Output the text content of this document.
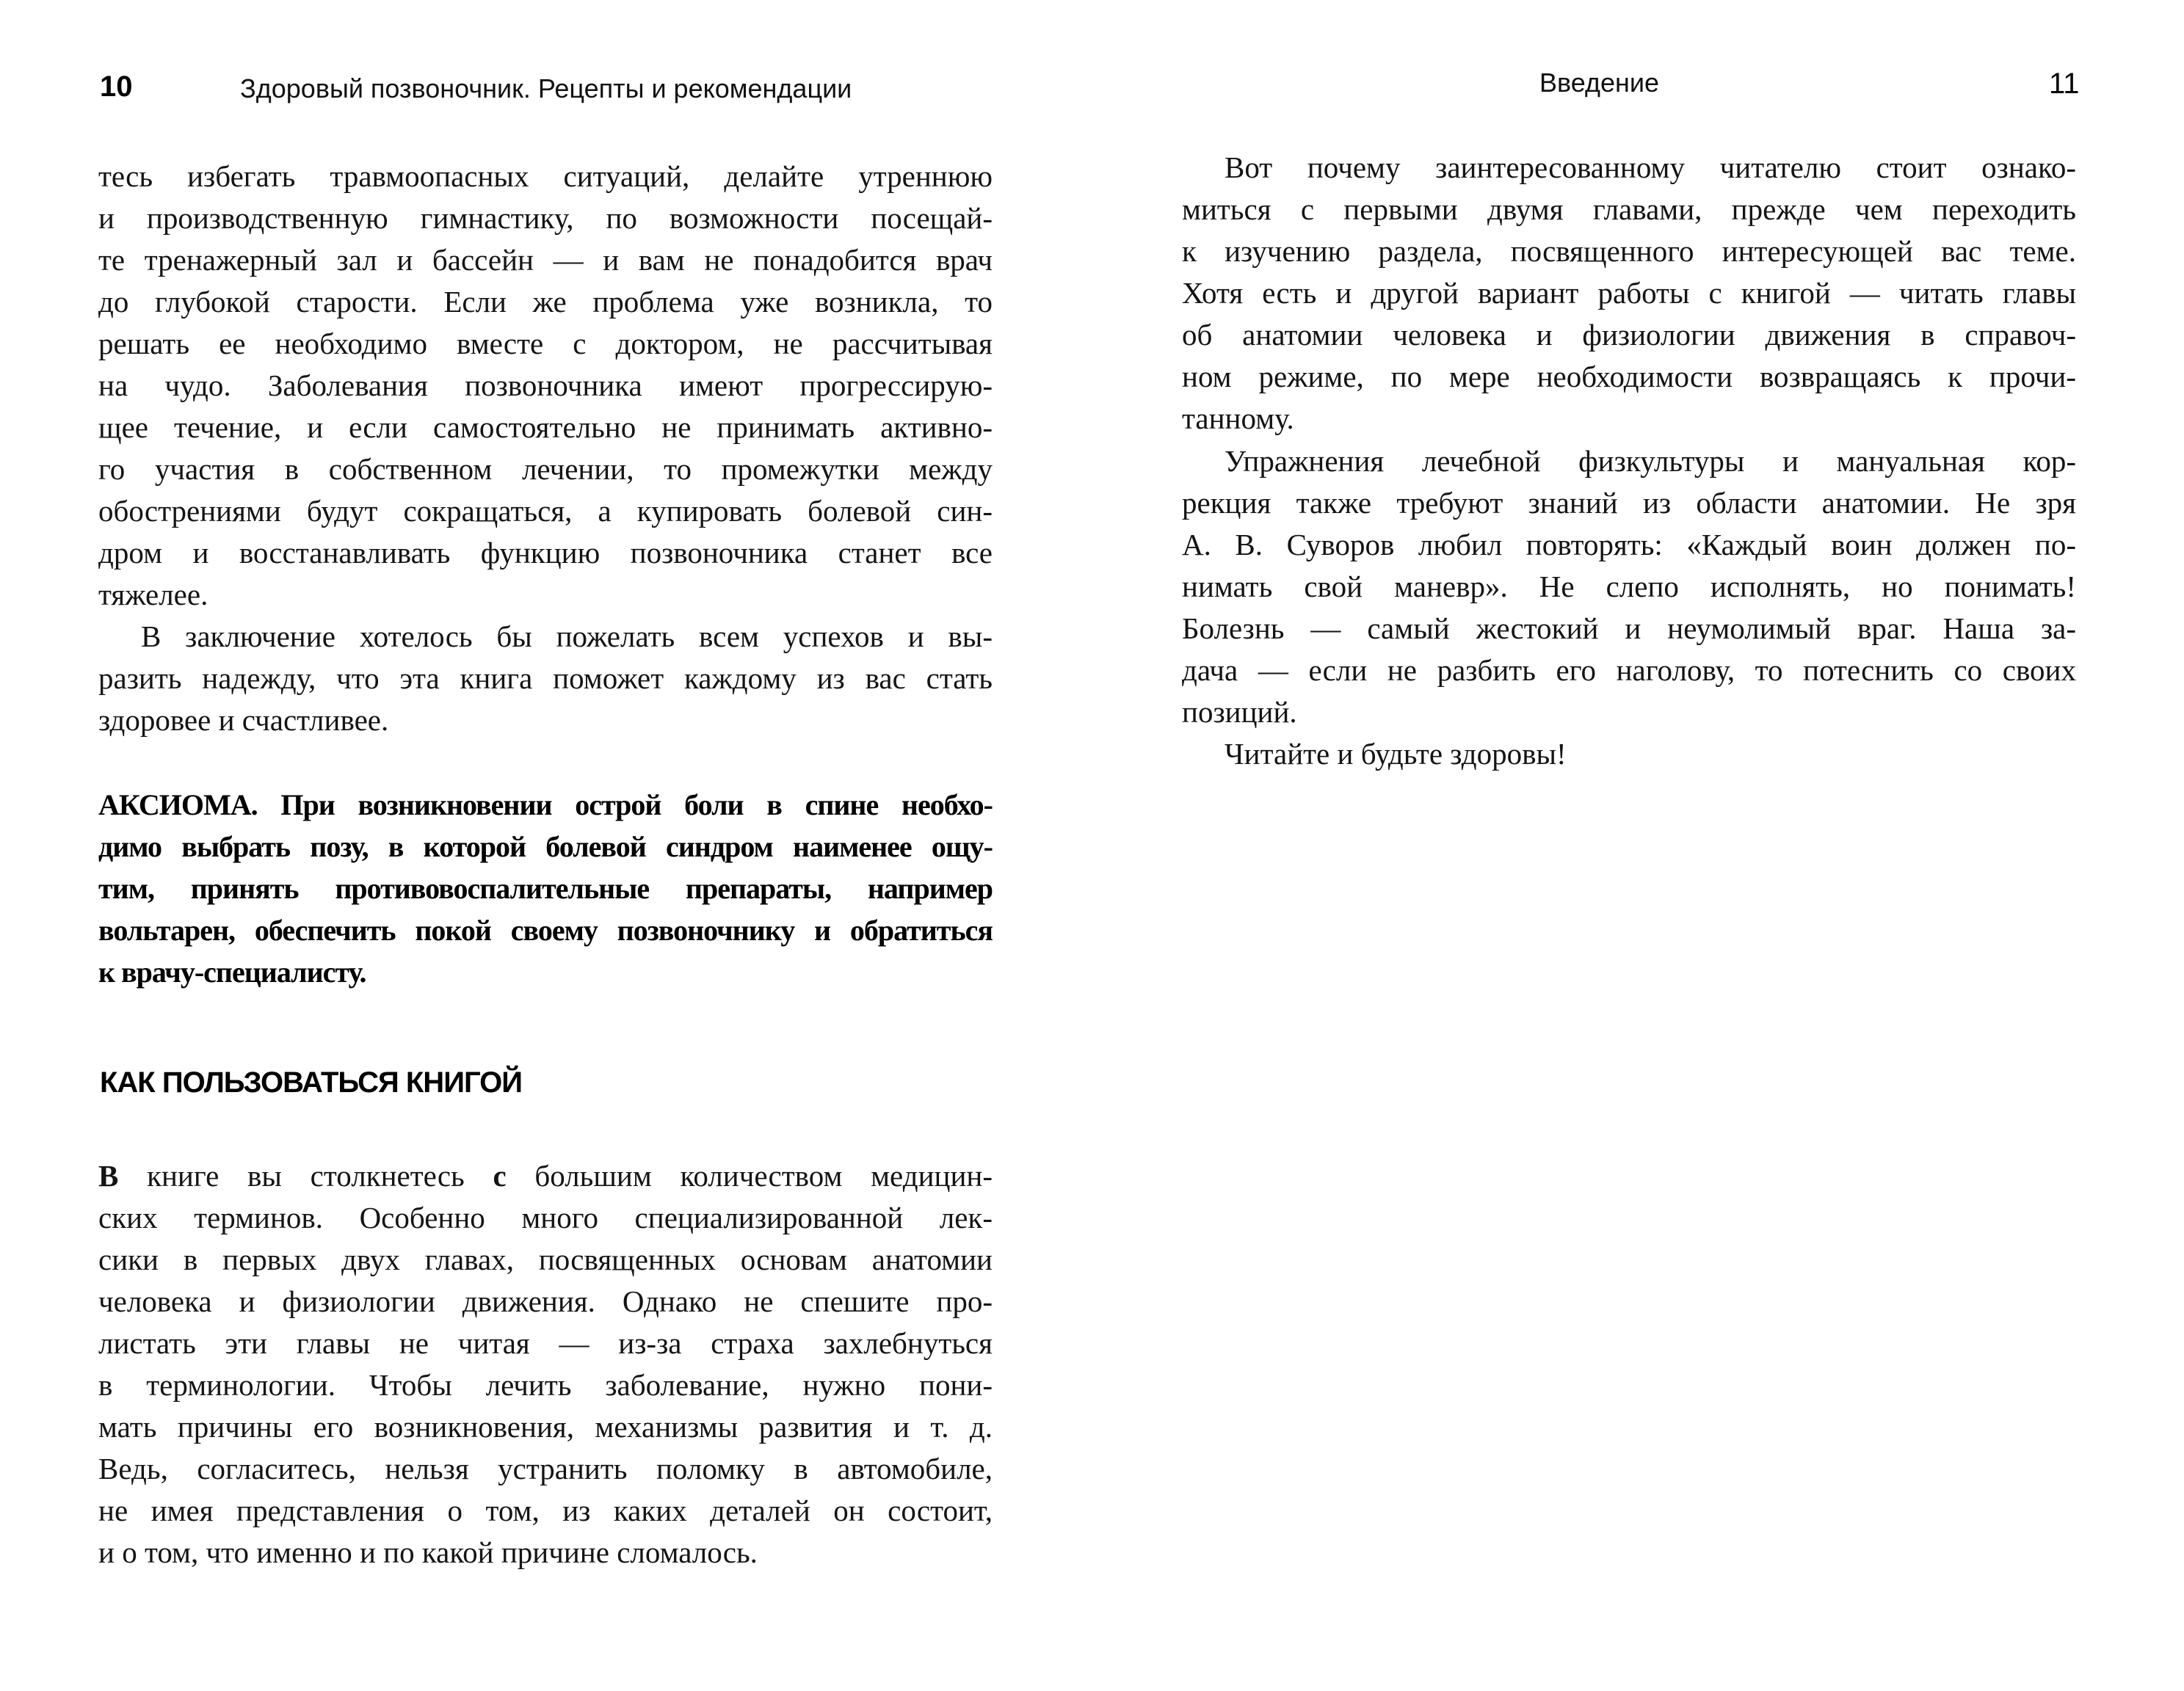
10	Здоровый позвоночник. Рецепты и рекомендации
тесь избегать травмоопасных ситуаций, делайте утреннюю
и производственную гимнастику, по возможности посещай-
те тренажерный зал и бассейн — и вам не понадобится врач
до глубокой старости. Если же проблема уже возникла, то
решать ее необходимо вместе с доктором, не рассчитывая
на чудо. Заболевания позвоночника имеют прогрессирую-
щее течение, и если самостоятельно не принимать активно-
го участия в собственном лечении, то промежутки между
обострениями будут сокращаться, а купировать болевой син-
дром и восстанавливать функцию позвоночника станет все
тяжелее.
В заключение хотелось бы пожелать всем успехов и вы-
разить надежду, что эта книга поможет каждому из вас стать
здоровее и счастливее.
АКСИОМА. При возникновении острой боли в спине необхо-
димо выбрать позу, в которой болевой синдром наименее ощу-
тим, принять противовоспалительные препараты, например
вольтарен, обеспечить покой своему позвоночнику и обратиться
к врачу-специалисту.
КАК ПОЛЬЗОВАТЬСЯ КНИГОЙ
В книге вы столкнетесь с большим количеством медицин-
ских терминов. Особенно много специализированной лек-
сики в первых двух главах, посвященных основам анатомии
человека и физиологии движения. Однако не спешите про-
листать эти главы не читая — из-за страха захлебнуться
в терминологии. Чтобы лечить заболевание, нужно пони-
мать причины его возникновения, механизмы развития и т. д.
Ведь, согласитесь, нельзя устранить поломку в автомобиле,
не имея представления о том, из каких деталей он состоит,
и о том, что именно и по какой причине сломалось.
Введение	11
Вот почему заинтересованному читателю стоит ознако-
миться с первыми двумя главами, прежде чем переходить
к изучению раздела, посвященного интересующей вас теме.
Хотя есть и другой вариант работы с книгой — читать главы
об анатомии человека и физиологии движения в справоч-
ном режиме, по мере необходимости возвращаясь к прочи-
танному.
Упражнения лечебной физкультуры и мануальная кор-
рекция также требуют знаний из области анатомии. Не зря
А. В. Суворов любил повторять: «Каждый воин должен по-
нимать свой маневр». Не слепо исполнять, но понимать!
Болезнь — самый жестокий и неумолимый враг. Наша за-
дача — если не разбить его наголову, то потеснить со своих
позиций.
Читайте и будьте здоровы!
